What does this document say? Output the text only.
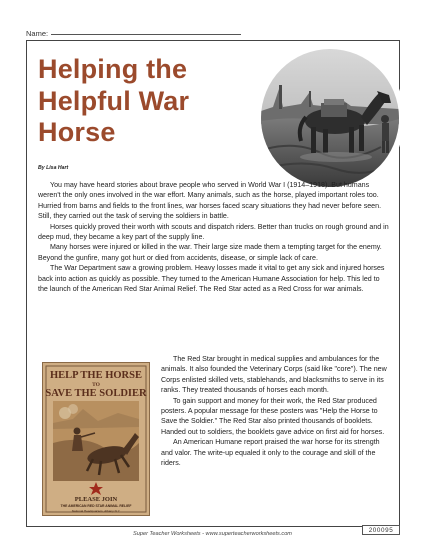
Name:
Helping the
Helpful War
Horse
By Lisa Hart

You may have heard stories about brave people who served in World War I (1914–1918). But humans weren't the only ones involved in the war effort. Many animals, such as the horse, played important roles too. Hurried from barns and fields to the front lines, war horses faced scary situations they had never before seen. Still, they carried out the task of serving the soldiers in battle.

Horses quickly proved their worth with scouts and dispatch riders. Better than trucks on rough ground and in deep mud, they became a key part of the supply line.

Many horses were injured or killed in the war. Their large size made them a tempting target for the enemy. Beyond the gunfire, many got hurt or died from accidents, disease, or simple lack of care.

The War Department saw a growing problem. Heavy losses made it vital to get any sick and injured horses back into action as quickly as possible. They turned to the American Humane Association for help. This led to the launch of the American Red Star Animal Relief. The Red Star acted as a Red Cross for war animals.

HELP THE HORSE
TO
SAVE THE SOLDIER
PLEASE JOIN
THE AMERICAN RED STAR ANIMAL RELIEF
National Headquarters, Albany N.Y.

The Red Star brought in medical supplies and ambulances for the animals. It also founded the Veterinary Corps (said like "core"). The new Corps enlisted skilled vets, stablehands, and blacksmiths to serve in its ranks. They treated thousands of horses each month.

To gain support and money for their work, the Red Star produced posters. A popular message for these posters was "Help the Horse to Save the Soldier." The Red Star also printed thousands of booklets. Handed out to soldiers, the booklets gave advice on first aid for horses.

An American Humane report praised the war horse for its strength and valor. The write-up equaled it only to the courage and skill of the riders.

Super Teacher Worksheets - www.superteacherworksheets.com	200095
